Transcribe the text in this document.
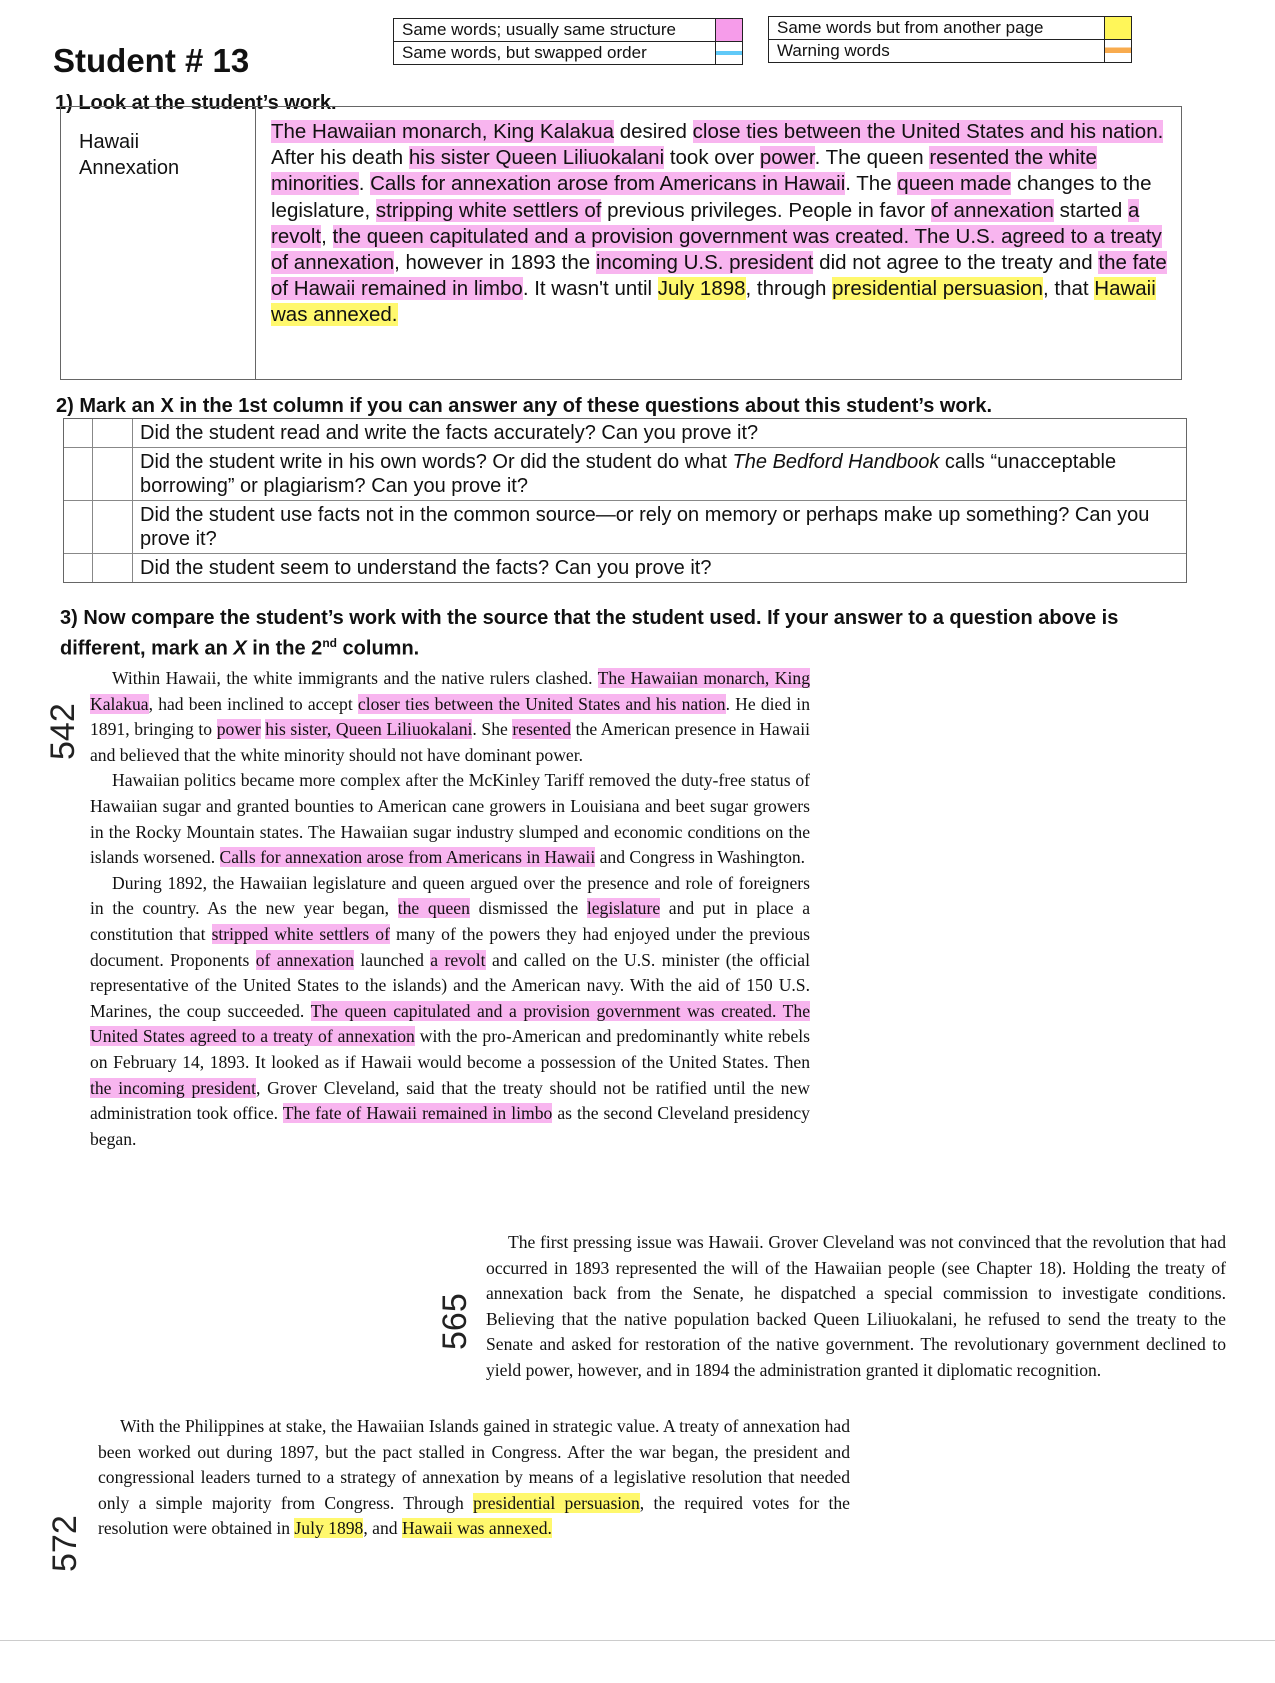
Same words; usually same structure
Same words, but swapped order
Same words but from another page
Warning words
Student # 13
1) Look at the student’s work.
Hawaii
Annexation
The Hawaiian monarch, King Kalakua desired close ties between the United States and his nation. After his death his sister Queen Liliuokalani took over power. The queen resented the white minorities. Calls for annexation arose from Americans in Hawaii. The queen made changes to the legislature, stripping white settlers of previous privileges. People in favor of annexation started a revolt, the queen capitulated and a provision government was created. The U.S. agreed to a treaty of annexation, however in 1893 the incoming U.S. president did not agree to the treaty and the fate of Hawaii remained in limbo. It wasn't until July 1898, through presidential persuasion, that Hawaii was annexed.
2) Mark an X in the 1st column if you can answer any of these questions about this student’s work.
Did the student read and write the facts accurately? Can you prove it?
Did the student write in his own words? Or did the student do what The Bedford Handbook calls “unacceptable borrowing” or plagiarism? Can you prove it?
Did the student use facts not in the common source—or rely on memory or perhaps make up something? Can you prove it?
Did the student seem to understand the facts? Can you prove it?
3) Now compare the student’s work with the source that the student used. If your answer to a question above is different, mark an X in the 2nd column.

Within Hawaii, the white immigrants and the native rulers clashed. The Hawaiian monarch, King Kalakua, had been inclined to accept closer ties between the United States and his nation. He died in 1891, bringing to power his sister, Queen Liliuokalani. She resented the American presence in Hawaii and believed that the white minority should not have dominant power.

Hawaiian politics became more complex after the McKinley Tariff removed the duty-free status of Hawaiian sugar and granted bounties to American cane growers in Louisiana and beet sugar growers in the Rocky Mountain states. The Hawaiian sugar industry slumped and economic conditions on the islands worsened. Calls for annexation arose from Americans in Hawaii and Congress in Washington.

During 1892, the Hawaiian legislature and queen argued over the presence and role of foreigners in the country. As the new year began, the queen dismissed the legislature and put in place a constitution that stripped white settlers of many of the powers they had enjoyed under the previous document. Proponents of annexation launched a revolt and called on the U.S. minister (the official representative of the United States to the islands) and the American navy. With the aid of 150 U.S. Marines, the coup succeeded. The queen capitulated and a provision government was created. The United States agreed to a treaty of annexation with the pro-American and predominantly white rebels on February 14, 1893. It looked as if Hawaii would become a possession of the United States. Then the incoming president, Grover Cleveland, said that the treaty should not be ratified until the new administration took office. The fate of Hawaii remained in limbo as the second Cleveland presidency began.

The first pressing issue was Hawaii. Grover Cleveland was not convinced that the revolution that had occurred in 1893 represented the will of the Hawaiian people (see Chapter 18). Holding the treaty of annexation back from the Senate, he dispatched a special commission to investigate conditions. Believing that the native population backed Queen Liliuokalani, he refused to send the treaty to the Senate and asked for restoration of the native government. The revolutionary government declined to yield power, however, and in 1894 the administration granted it diplomatic recognition.

With the Philippines at stake, the Hawaiian Islands gained in strategic value. A treaty of annexation had been worked out during 1897, but the pact stalled in Congress. After the war began, the president and congressional leaders turned to a strategy of annexation by means of a legislative resolution that needed only a simple majority from Congress. Through presidential persuasion, the required votes for the resolution were obtained in July 1898, and Hawaii was annexed.

542
565
572
